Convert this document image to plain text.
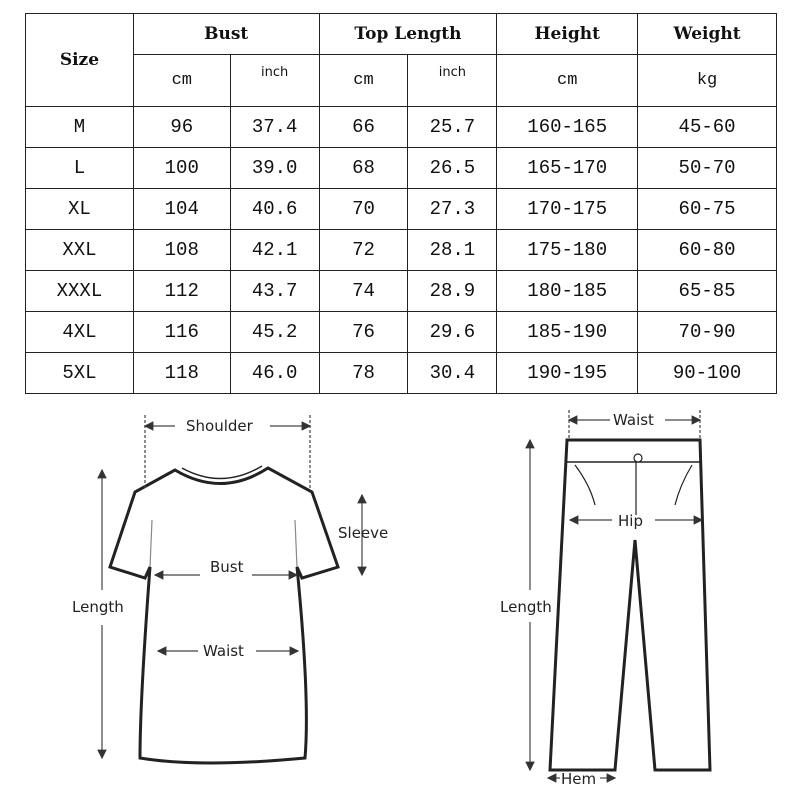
Size	Bust		Top Length		Height	Weight
	cm	inch	cm	inch	cm	kg
M	96	37.4	66	25.7	160-165	45-60
L	100	39.0	68	26.5	165-170	50-70
XL	104	40.6	70	27.3	170-175	60-75
XXL	108	42.1	72	28.1	175-180	60-80
XXXL	112	43.7	74	28.9	180-185	65-85
4XL	116	45.2	76	29.6	185-190	70-90
5XL	118	46.0	78	30.4	190-195	90-100
Shoulder
Sleeve
Bust
Length
Waist
Waist
Hip
Length
Hem
